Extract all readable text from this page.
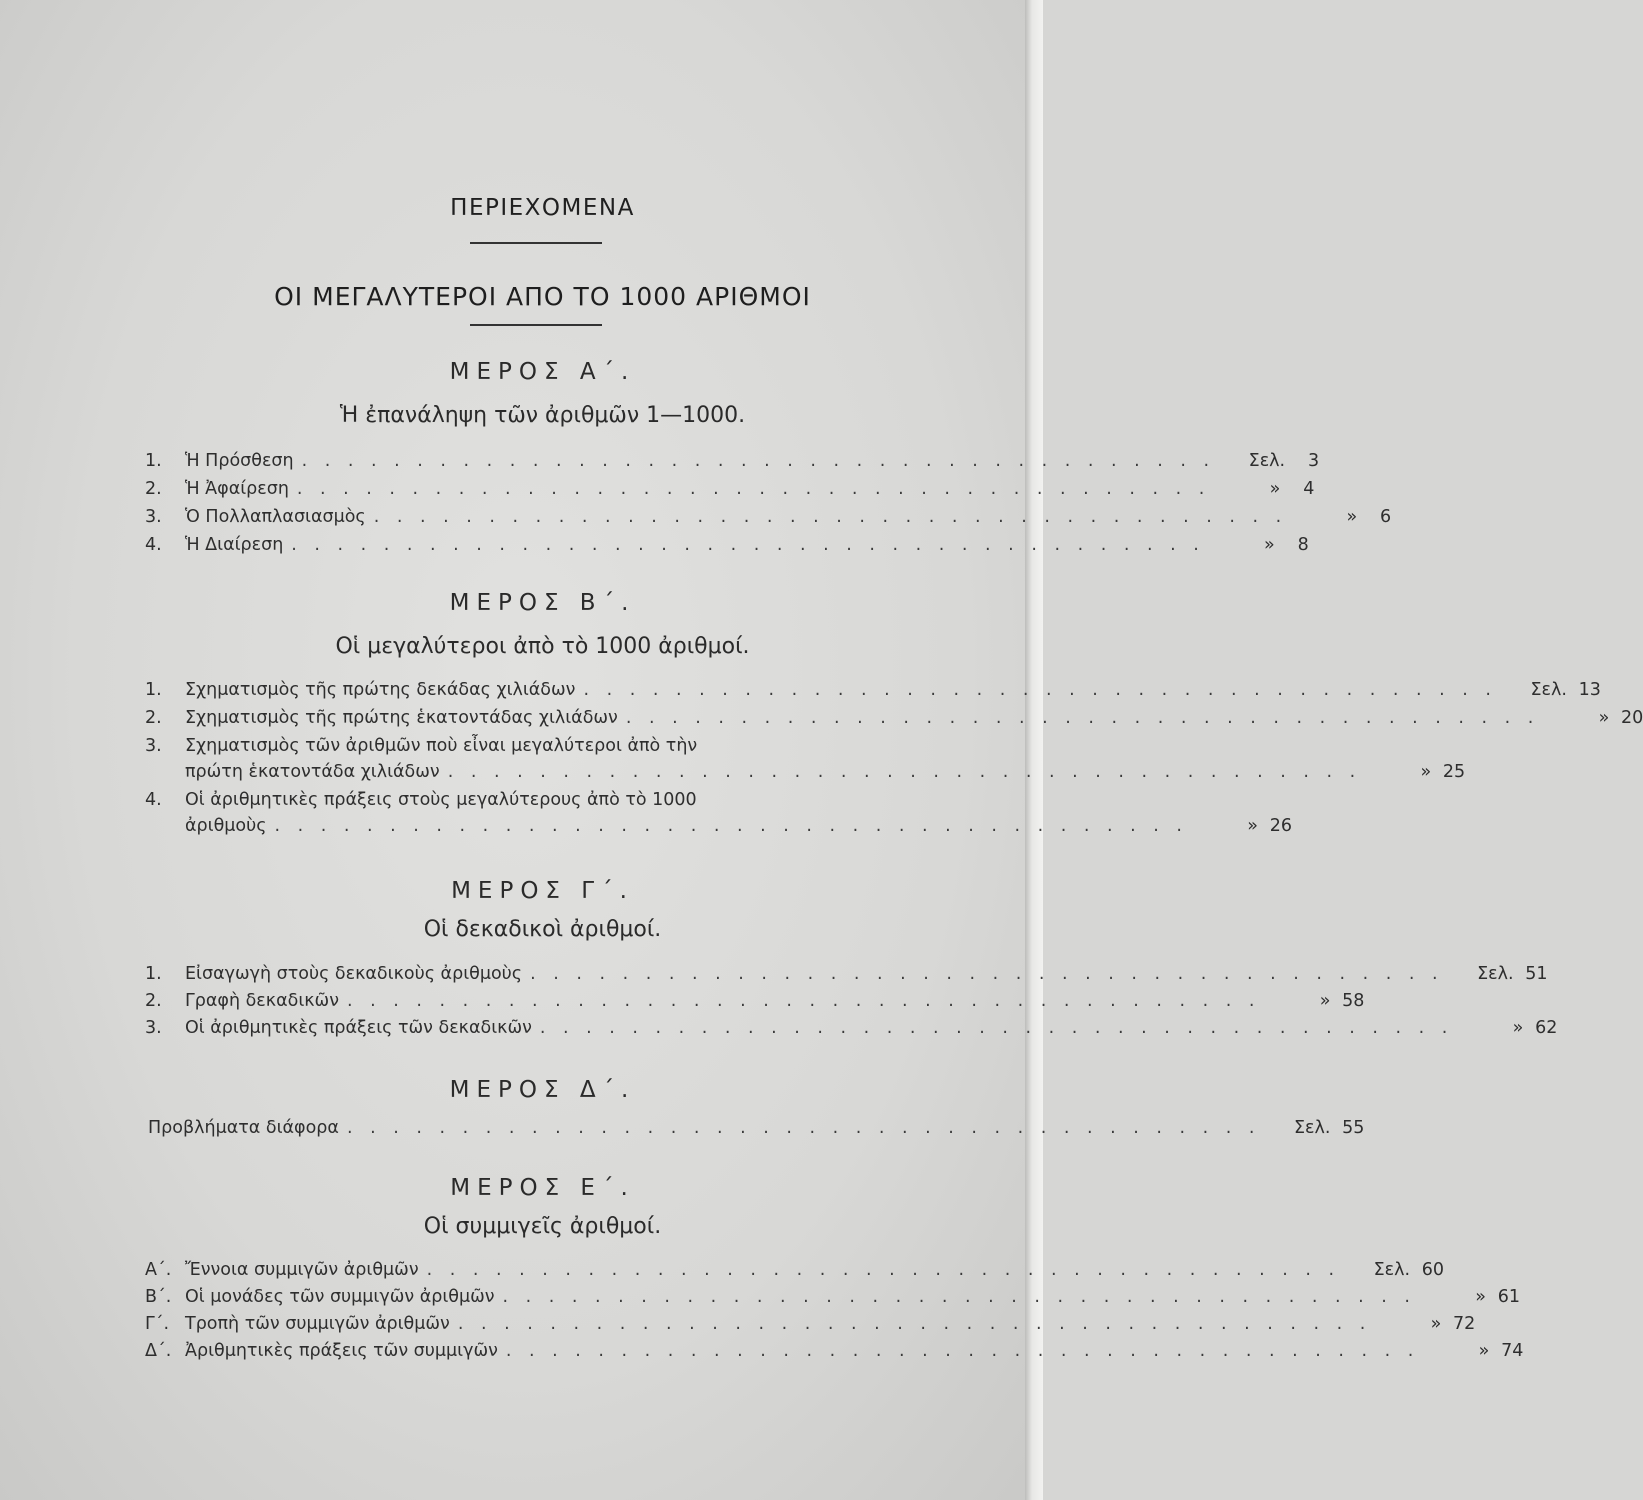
ΠΕΡΙΕΧΟΜΕΝΑ
ΟΙ ΜΕΓΑΛΥΤΕΡΟΙ ΑΠΟ ΤΟ 1000 ΑΡΙΘΜΟΙ
ΜΕΡΟΣ Α΄.
Ἡ ἐπανάληψη τῶν ἀριθμῶν 1—1000.
1.	Ἡ Πρόσθεση . . . . . . . . . . . . . . . . . . . . . . . . . . . . . . . . . . . . . . . .	Σελ. 3
2.	Ἡ Ἀφαίρεση . . . . . . . . . . . . . . . . . . . . . . . . . . . . . . . . . . . . . . . .	» 4
3.	Ὁ Πολλαπλασιασμὸς . . . . . . . . . . . . . . . . . . . . . . . . . . . . . . . . . . . . . . . .	» 6
4.	Ἡ Διαίρεση . . . . . . . . . . . . . . . . . . . . . . . . . . . . . . . . . . . . . . . .	» 8
ΜΕΡΟΣ Β΄.
Οἱ μεγαλύτεροι ἀπὸ τὸ 1000 ἀριθμοί.
1.	Σχηματισμὸς τῆς πρώτης δεκάδας χιλιάδων . . . . . . . . . . . . . . . . . . . . . . . . . . . . . . . . . . . . . . . .	Σελ. 13
2.	Σχηματισμὸς τῆς πρώτης ἑκατοντάδας χιλιάδων . . . . . . . . . . . . . . . . . . . . . . . . . . . . . . . . . . . . . . . .	» 20
3.	Σχηματισμὸς τῶν ἀριθμῶν ποὺ εἶναι μεγαλύτεροι ἀπὸ τὴν
πρώτη ἑκατοντάδα χιλιάδων . . . . . . . . . . . . . . . . . . . . . . . . . . . . . . . . . . . . . . . .	» 25
4.	Οἱ ἀριθμητικὲς πράξεις στοὺς μεγαλύτερους ἀπὸ τὸ 1000
ἀριθμοὺς . . . . . . . . . . . . . . . . . . . . . . . . . . . . . . . . . . . . . . . .	» 26
ΜΕΡΟΣ Γ΄.
Οἱ δεκαδικοὶ ἀριθμοί.
1.	Εἰσαγωγὴ στοὺς δεκαδικοὺς ἀριθμοὺς . . . . . . . . . . . . . . . . . . . . . . . . . . . . . . . . . . . . . . . .	Σελ. 51
2.	Γραφὴ δεκαδικῶν . . . . . . . . . . . . . . . . . . . . . . . . . . . . . . . . . . . . . . . .	» 58
3.	Οἱ ἀριθμητικὲς πράξεις τῶν δεκαδικῶν . . . . . . . . . . . . . . . . . . . . . . . . . . . . . . . . . . . . . . . .	» 62
ΜΕΡΟΣ Δ΄.
Προβλήματα διάφορα . . . . . . . . . . . . . . . . . . . . . . . . . . . . . . . . . . . . . . . .	Σελ. 55
ΜΕΡΟΣ Ε΄.
Οἱ συμμιγεῖς ἀριθμοί.
Α΄. Ἔννοια συμμιγῶν ἀριθμῶν . . . . . . . . . . . . . . . . . . . . . . . . . . . . . . . . . . . . . . . .	Σελ. 60
Β΄. Οἱ μονάδες τῶν συμμιγῶν ἀριθμῶν . . . . . . . . . . . . . . . . . . . . . . . . . . . . . . . . . . . . . . . .	» 61
Γ΄. Τροπὴ τῶν συμμιγῶν ἀριθμῶν . . . . . . . . . . . . . . . . . . . . . . . . . . . . . . . . . . . . . . . .	» 72
Δ΄. Ἀριθμητικὲς πράξεις τῶν συμμιγῶν . . . . . . . . . . . . . . . . . . . . . . . . . . . . . . . . . . . . . . . .	» 74
